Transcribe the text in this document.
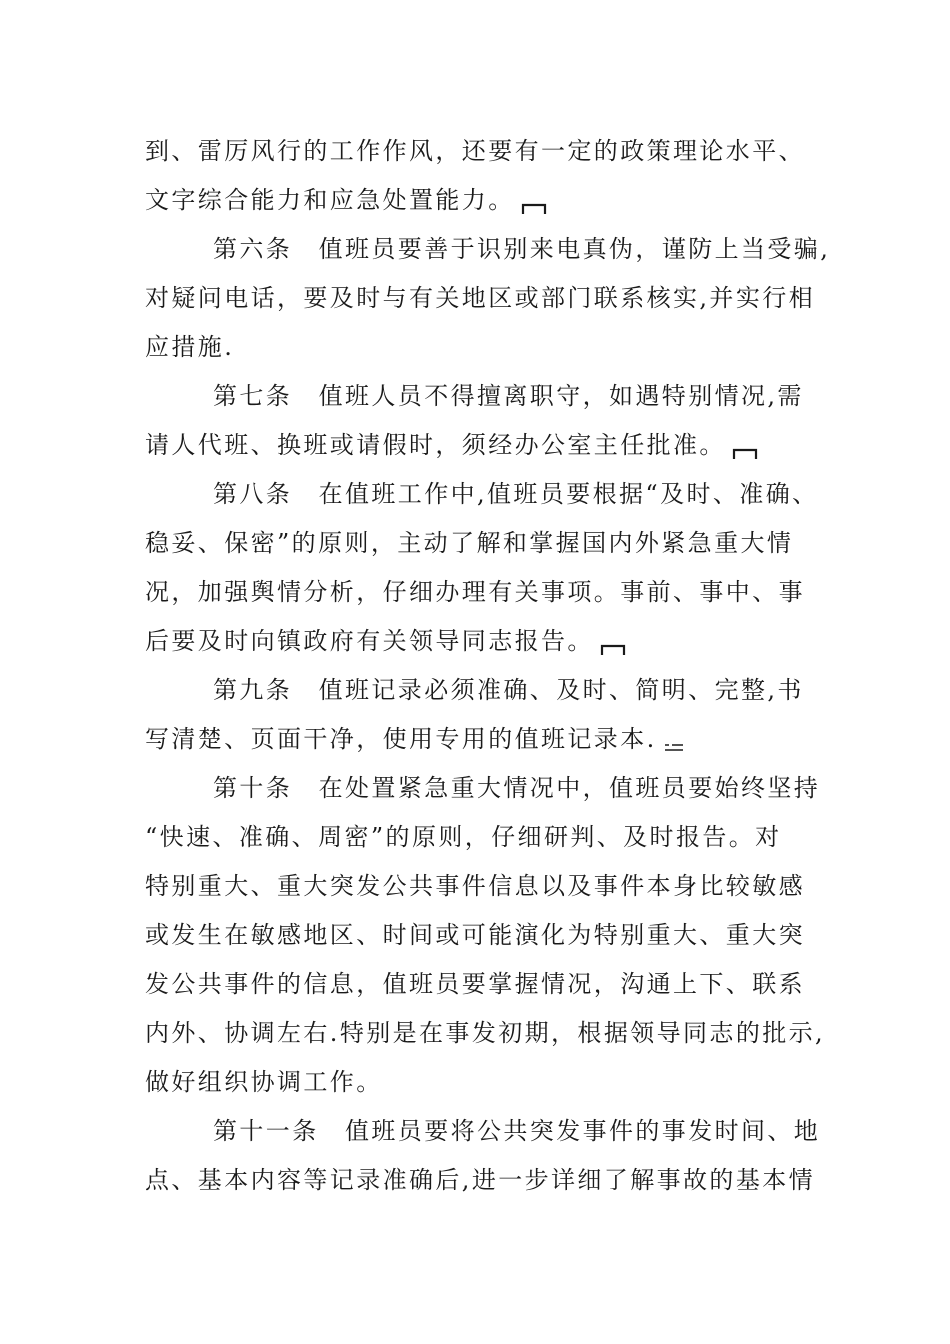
到、雷厉风行的工作作风，还要有一定的政策理论水平、
文字综合能力和应急处置能力。
第六条　值班员要善于识别来电真伪，谨防上当受骗,
对疑问电话，要及时与有关地区或部门联系核实,并实行相
应措施.
第七条　值班人员不得擅离职守，如遇特别情况,需
请人代班、换班或请假时，须经办公室主任批准。
第八条　在值班工作中,值班员要根据“及时、准确、
稳妥、保密”的原则，主动了解和掌握国内外紧急重大情
况，加强舆情分析，仔细办理有关事项。事前、事中、事
后要及时向镇政府有关领导同志报告。
第九条　值班记录必须准确、及时、简明、完整,书
写清楚、页面干净，使用专用的值班记录本.
第十条　在处置紧急重大情况中，值班员要始终坚持
“快速、准确、周密”的原则，仔细研判、及时报告。对
特别重大、重大突发公共事件信息以及事件本身比较敏感
或发生在敏感地区、时间或可能演化为特别重大、重大突
发公共事件的信息，值班员要掌握情况，沟通上下、联系
内外、协调左右.特别是在事发初期，根据领导同志的批示,
做好组织协调工作。
第十一条　值班员要将公共突发事件的事发时间、地
点、基本内容等记录准确后,进一步详细了解事故的基本情
